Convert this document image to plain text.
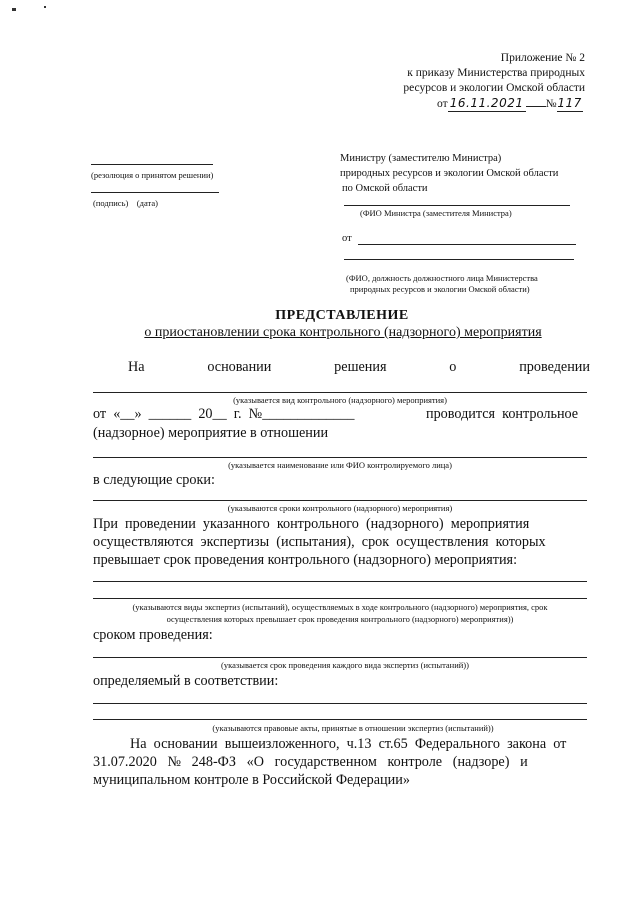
Приложение № 2
к приказу Министерства природных
ресурсов и экологии Омской области
от 16.11.2021 №117
(резолюция о принятом решении)
(подпись)    (дата)
Министру (заместителю Министра)
природных ресурсов и экологии Омской области
по Омской области
(ФИО Министра (заместителя Министра)
от
(ФИО, должность должностного лица Министерства
природных ресурсов и экологии Омской области)
ПРЕДСТАВЛЕНИЕ
о приостановлении срока контрольного (надзорного) мероприятия
На	основании	решения	о	проведении
(указывается вид контрольного (надзорного) мероприятия)
от  «__»  ______  20__  г.  №_____________	проводится  контрольное
(надзорное) мероприятие в отношении
(указывается наименование или ФИО контролируемого лица)
в следующие сроки:
(указываются сроки контрольного (надзорного) мероприятия)
При  проведении  указанного  контрольного  (надзорного)  мероприятия
осуществляются  экспертизы  (испытания),  срок  осуществления  которых
превышает срок проведения контрольного (надзорного) мероприятия:
(указываются виды экспертиз (испытаний), осуществляемых в ходе контрольного (надзорного) мероприятия, срок
осуществления которых превышает срок проведения контрольного (надзорного) мероприятия))
сроком проведения:
(указывается срок проведения каждого вида экспертиз (испытаний))
определяемый в соответствии:
(указываются правовые акты, принятые в отношении экспертиз (испытаний))
На  основании  вышеизложенного,  ч.13  ст.65  Федерального  закона  от
31.07.2020   №   248-ФЗ   «О   государственном   контроле   (надзоре)   и
муниципальном контроле в Российской Федерации»
